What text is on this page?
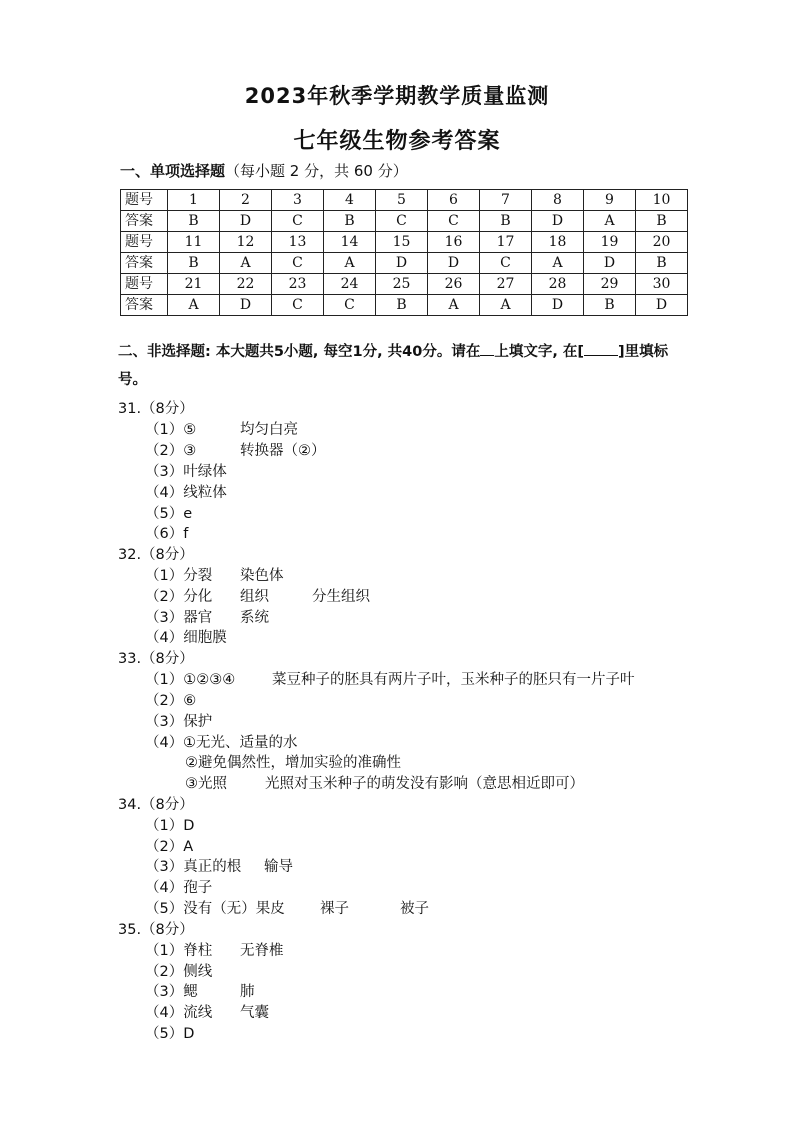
2023年秋季学期教学质量监测
七年级生物参考答案
一、单项选择题（每小题 2 分，共 60 分）
题号	1	2	3	4	5	6	7	8	9	10
答案	B	D	C	B	C	C	B	D	A	B
题号	11	12	13	14	15	16	17	18	19	20
答案	B	A	C	A	D	D	C	A	D	B
题号	21	22	23	24	25	26	27	28	29	30
答案	A	D	C	C	B	A	A	D	B	D
二、非选择题: 本大题共5小题, 每空1分, 共40分。请在 上填文字, 在[ ]里填标
号。
31.（8分）
（1）⑤	均匀白亮
（2）③	转换器（②）
（3）叶绿体
（4）线粒体
（5）e
（6）f
32.（8分）
（1）分裂 染色体
（2）分化 组织	分生组织
（3）器官 系统
（4）细胞膜
33.（8分）
（1）①②③④	菜豆种子的胚具有两片子叶，玉米种子的胚只有一片子叶
（2）⑥
（3）保护
（4） ①无光、适量的水
②避免偶然性，增加实验的准确性
③光照	光照对玉米种子的萌发没有影响（意思相近即可）
34.（8分）
（1）D
（2）A
（3）真正的根 输导
（4）孢子
（5）没有（无）果皮 裸子	被子
35.（8分）
（1）脊柱 无脊椎
（2）侧线
（3）鳃	肺
（4）流线 气囊
（5）D
